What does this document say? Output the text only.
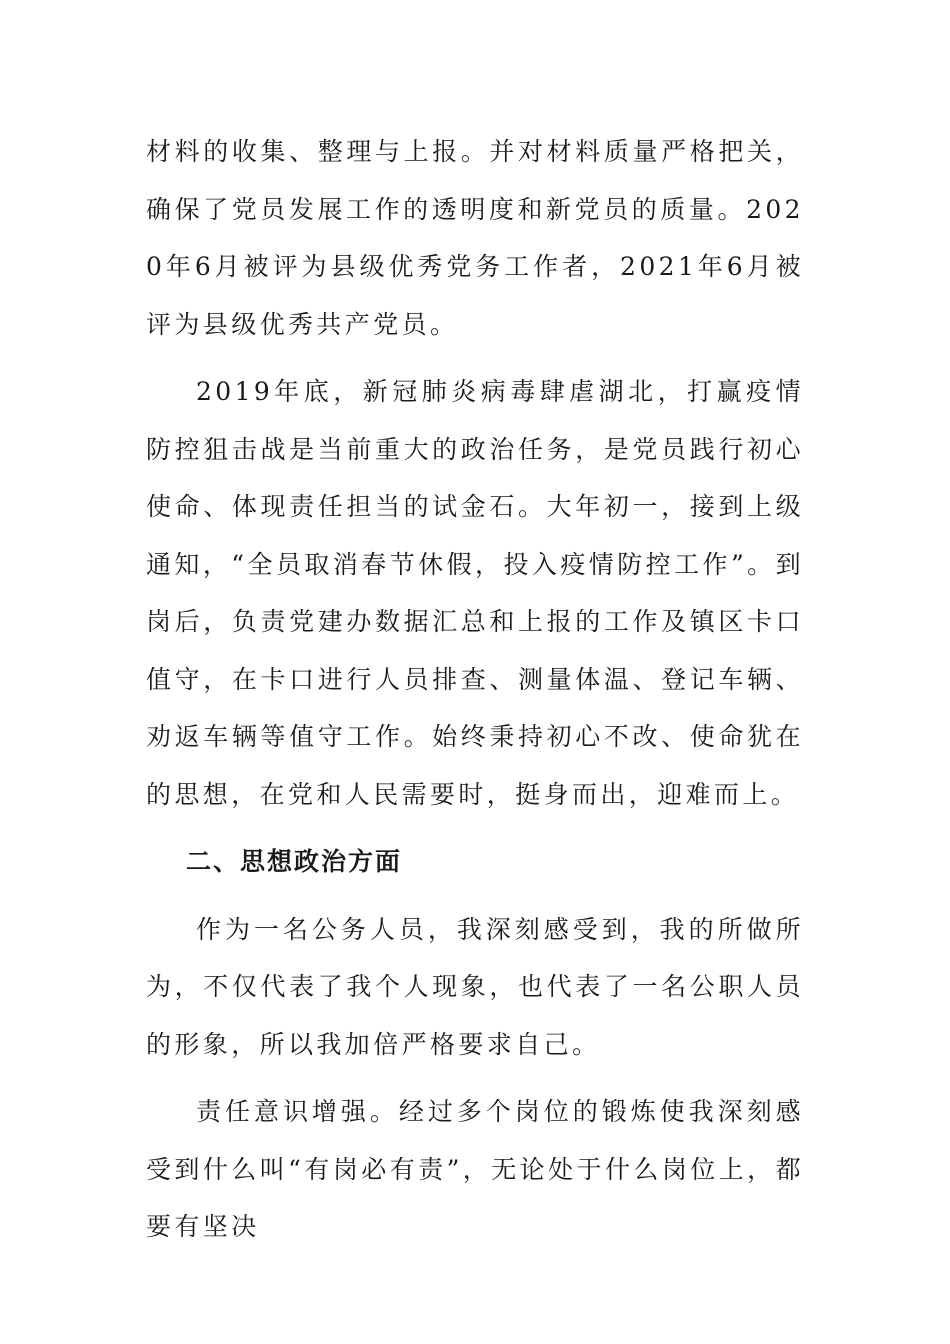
材料的收集、整理与上报。并对材料质量严格把关，确保了党员发展工作的透明度和新党员的质量。2020年6月被评为县级优秀党务工作者，2021年6月被评为县级优秀共产党员。

2019年底，新冠肺炎病毒肆虐湖北，打赢疫情防控狙击战是当前重大的政治任务，是党员践行初心使命、体现责任担当的试金石。大年初一，接到上级通知，“全员取消春节休假，投入疫情防控工作”。到岗后，负责党建办数据汇总和上报的工作及镇区卡口值守，在卡口进行人员排查、测量体温、登记车辆、劝返车辆等值守工作。始终秉持初心不改、使命犹在的思想，在党和人民需要时，挺身而出，迎难而上。

二、思想政治方面

作为一名公务人员，我深刻感受到，我的所做所为，不仅代表了我个人现象，也代表了一名公职人员的形象，所以我加倍严格要求自己。

责任意识增强。经过多个岗位的锻炼使我深刻感受到什么叫“有岗必有责”，无论处于什么岗位上，都要有坚决
